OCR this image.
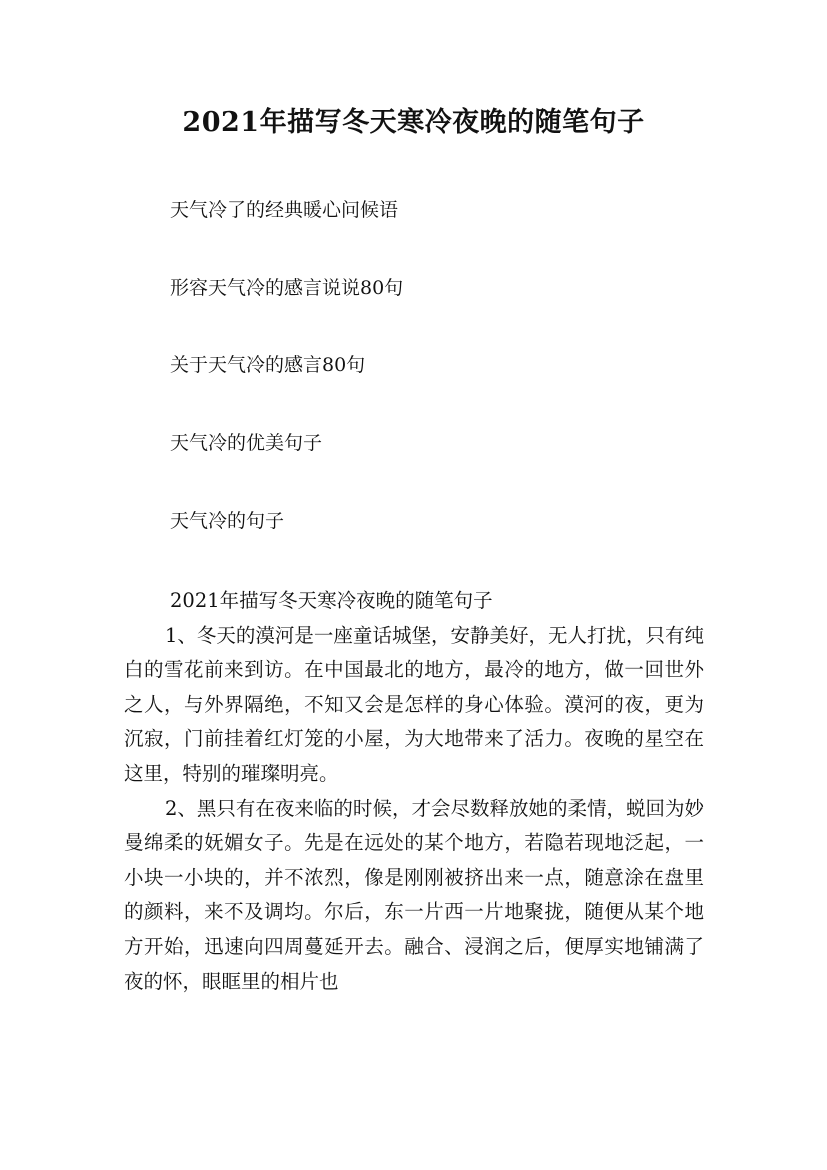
2021年描写冬天寒冷夜晚的随笔句子
天气冷了的经典暖心问候语
形容天气冷的感言说说80句
关于天气冷的感言80句
天气冷的优美句子
天气冷的句子

2021年描写冬天寒冷夜晚的随笔句子

1、冬天的漠河是一座童话城堡，安静美好，无人打扰，只有纯白的雪花前来到访。在中国最北的地方，最冷的地方，做一回世外之人，与外界隔绝，不知又会是怎样的身心体验。漠河的夜，更为沉寂，门前挂着红灯笼的小屋，为大地带来了活力。夜晚的星空在这里，特别的璀璨明亮。

2、黑只有在夜来临的时候，才会尽数释放她的柔情，蜕回为妙曼绵柔的妩媚女子。先是在远处的某个地方，若隐若现地泛起，一小块一小块的，并不浓烈，像是刚刚被挤出来一点，随意涂在盘里的颜料，来不及调均。尔后，东一片西一片地聚拢，随便从某个地方开始，迅速向四周蔓延开去。融合、浸润之后，便厚实地铺满了夜的怀，眼眶里的相片也
